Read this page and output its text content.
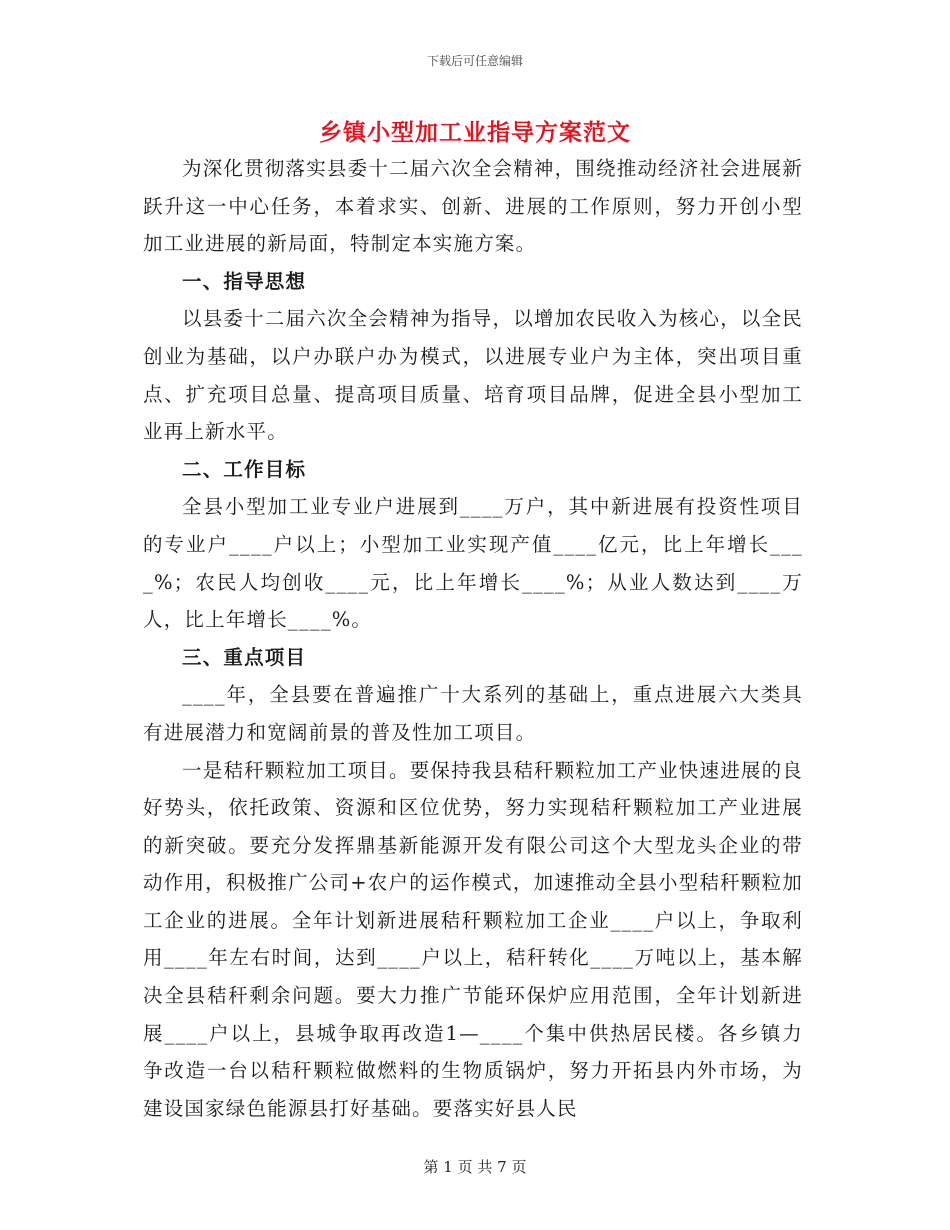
下载后可任意编辑
乡镇小型加工业指导方案范文

为深化贯彻落实县委十二届六次全会精神，围绕推动经济社会进展新跃升这一中心任务，本着求实、创新、进展的工作原则，努力开创小型加工业进展的新局面，特制定本实施方案。

一、指导思想

以县委十二届六次全会精神为指导，以增加农民收入为核心，以全民创业为基础，以户办联户办为模式，以进展专业户为主体，突出项目重点、扩充项目总量、提高项目质量、培育项目品牌，促进全县小型加工业再上新水平。

二、工作目标

全县小型加工业专业户进展到____万户，其中新进展有投资性项目的专业户____户以上；小型加工业实现产值____亿元，比上年增长____%；农民人均创收____元，比上年增长____%；从业人数达到____万人，比上年增长____%。

三、重点项目

____年，全县要在普遍推广十大系列的基础上，重点进展六大类具有进展潜力和宽阔前景的普及性加工项目。

一是秸秆颗粒加工项目。要保持我县秸秆颗粒加工产业快速进展的良好势头，依托政策、资源和区位优势，努力实现秸秆颗粒加工产业进展的新突破。要充分发挥鼎基新能源开发有限公司这个大型龙头企业的带动作用，积极推广公司+农户的运作模式，加速推动全县小型秸秆颗粒加工企业的进展。全年计划新进展秸秆颗粒加工企业____户以上，争取利用____年左右时间，达到____户以上，秸秆转化____万吨以上，基本解决全县秸秆剩余问题。要大力推广节能环保炉应用范围，全年计划新进展____户以上，县城争取再改造1—____个集中供热居民楼。各乡镇力争改造一台以秸秆颗粒做燃料的生物质锅炉，努力开拓县内外市场，为建设国家绿色能源县打好基础。要落实好县人民

第 1 页 共 7 页
